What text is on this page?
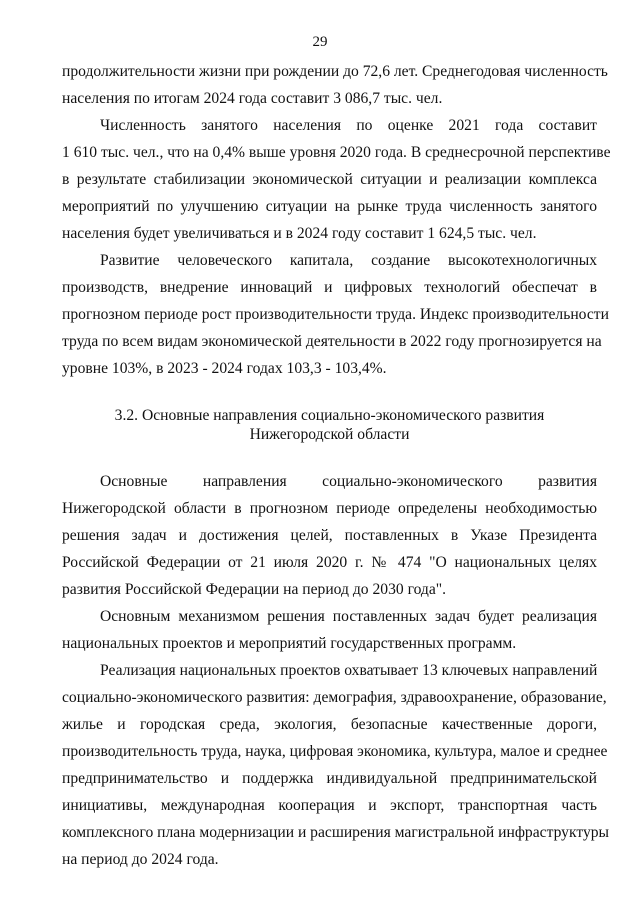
29

продолжительности жизни при рождении до 72,6 лет. Среднегодовая численность
населения по итогам 2024 года составит 3 086,7 тыс. чел.

Численность занятого населения по оценке 2021 года составит
1 610 тыс. чел., что на 0,4% выше уровня 2020 года. В среднесрочной перспективе
в результате стабилизации экономической ситуации и реализации комплекса
мероприятий по улучшению ситуации на рынке труда численность занятого
населения будет увеличиваться и в 2024 году составит 1 624,5 тыс. чел.

Развитие человеческого капитала, создание высокотехнологичных
производств, внедрение инноваций и цифровых технологий обеспечат в
прогнозном периоде рост производительности труда. Индекс производительности
труда по всем видам экономической деятельности в 2022 году прогнозируется на
уровне 103%, в 2023 - 2024 годах 103,3 - 103,4%.

3.2. Основные направления социально-экономического развития
Нижегородской области

Основные направления социально-экономического развития
Нижегородской области в прогнозном периоде определены необходимостью
решения задач и достижения целей, поставленных в Указе Президента
Российской Федерации от 21 июля 2020 г. № 474 "О национальных целях
развития Российской Федерации на период до 2030 года".

Основным механизмом решения поставленных задач будет реализация
национальных проектов и мероприятий государственных программ.

Реализация национальных проектов охватывает 13 ключевых направлений
социально-экономического развития: демография, здравоохранение, образование,
жилье и городская среда, экология, безопасные качественные дороги,
производительность труда, наука, цифровая экономика, культура, малое и среднее
предпринимательство и поддержка индивидуальной предпринимательской
инициативы, международная кооперация и экспорт, транспортная часть
комплексного плана модернизации и расширения магистральной инфраструктуры
на период до 2024 года.
